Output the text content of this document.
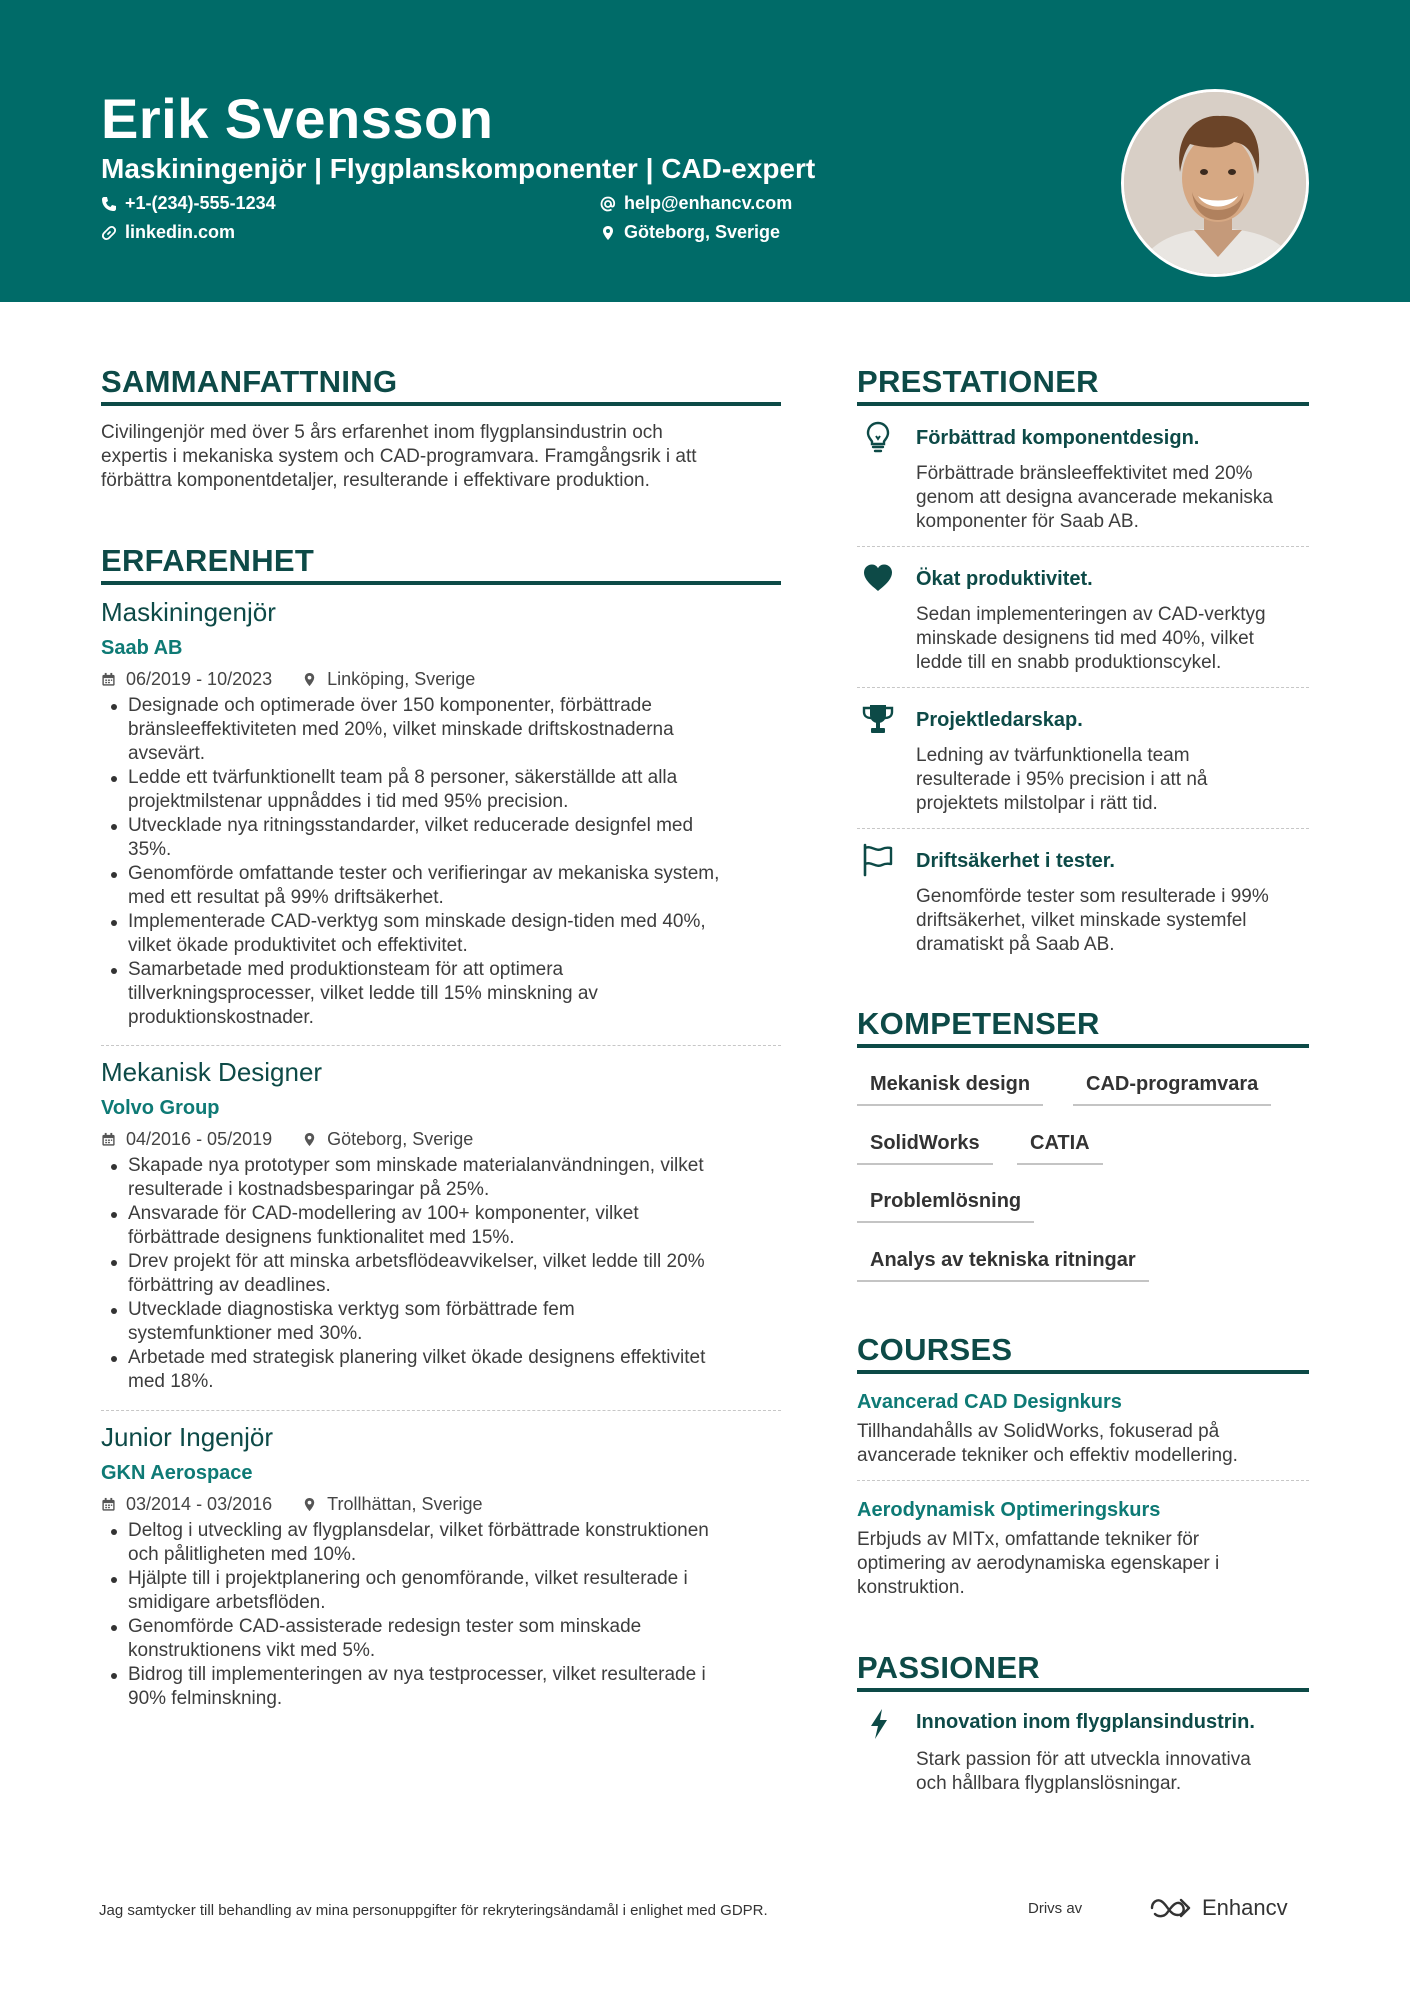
Erik Svensson
Maskiningenjör | Flygplanskomponenter | CAD-expert
+1-(234)-555-1234
linkedin.com
help@enhancv.com
Göteborg, Sverige
SAMMANFATTNING
Civilingenjör med över 5 års erfarenhet inom flygplansindustrin och
expertis i mekaniska system och CAD-programvara. Framgångsrik i att
förbättra komponentdetaljer, resulterande i effektivare produktion.
ERFARENHET
Maskiningenjör
Saab AB
06/2019 - 10/2023	Linköping, Sverige
Designade och optimerade över 150 komponenter, förbättrade
bränsleeffektiviteten med 20%, vilket minskade driftskostnaderna
avsevärt.
Ledde ett tvärfunktionellt team på 8 personer, säkerställde att alla
projektmilstenar uppnåddes i tid med 95% precision.
Utvecklade nya ritningsstandarder, vilket reducerade designfel med
35%.
Genomförde omfattande tester och verifieringar av mekaniska system,
med ett resultat på 99% driftsäkerhet.
Implementerade CAD-verktyg som minskade design-tiden med 40%,
vilket ökade produktivitet och effektivitet.
Samarbetade med produktionsteam för att optimera
tillverkningsprocesser, vilket ledde till 15% minskning av
produktionskostnader.
Mekanisk Designer
Volvo Group
04/2016 - 05/2019	Göteborg, Sverige
Skapade nya prototyper som minskade materialanvändningen, vilket
resulterade i kostnadsbesparingar på 25%.
Ansvarade för CAD-modellering av 100+ komponenter, vilket
förbättrade designens funktionalitet med 15%.
Drev projekt för att minska arbetsflödeavvikelser, vilket ledde till 20%
förbättring av deadlines.
Utvecklade diagnostiska verktyg som förbättrade fem
systemfunktioner med 30%.
Arbetade med strategisk planering vilket ökade designens effektivitet
med 18%.
Junior Ingenjör
GKN Aerospace
03/2014 - 03/2016	Trollhättan, Sverige
Deltog i utveckling av flygplansdelar, vilket förbättrade konstruktionen
och pålitligheten med 10%.
Hjälpte till i projektplanering och genomförande, vilket resulterade i
smidigare arbetsflöden.
Genomförde CAD-assisterade redesign tester som minskade
konstruktionens vikt med 5%.
Bidrog till implementeringen av nya testprocesser, vilket resulterade i
90% felminskning.
PRESTATIONER
Förbättrad komponentdesign.
Förbättrade bränsleeffektivitet med 20%
genom att designa avancerade mekaniska
komponenter för Saab AB.
Ökat produktivitet.
Sedan implementeringen av CAD-verktyg
minskade designens tid med 40%, vilket
ledde till en snabb produktionscykel.
Projektledarskap.
Ledning av tvärfunktionella team
resulterade i 95% precision i att nå
projektets milstolpar i rätt tid.
Driftsäkerhet i tester.
Genomförde tester som resulterade i 99%
driftsäkerhet, vilket minskade systemfel
dramatiskt på Saab AB.
KOMPETENSER
Mekanisk design	CAD-programvara
SolidWorks	CATIA
Problemlösning
Analys av tekniska ritningar
COURSES
Avancerad CAD Designkurs
Tillhandahålls av SolidWorks, fokuserad på
avancerade tekniker och effektiv modellering.
Aerodynamisk Optimeringskurs
Erbjuds av MITx, omfattande tekniker för
optimering av aerodynamiska egenskaper i
konstruktion.
PASSIONER
Innovation inom flygplansindustrin.
Stark passion för att utveckla innovativa
och hållbara flygplanslösningar.
Jag samtycker till behandling av mina personuppgifter för rekryteringsändamål i enlighet med GDPR.	Drivs av	Enhancv
